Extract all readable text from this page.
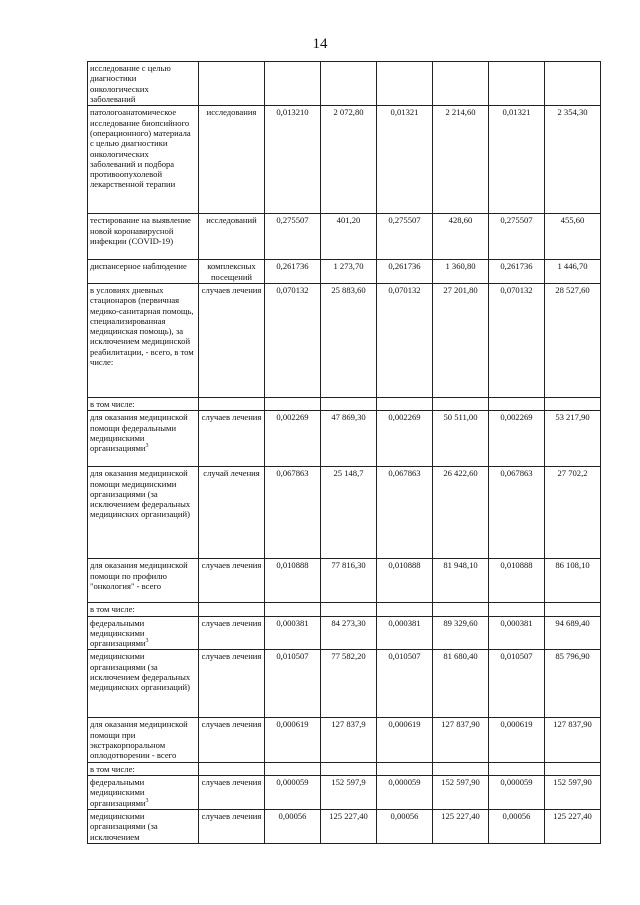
14
исследование с целью диагностики онкологических заболеваний							
патологоанатомическое исследование биопсийного (операционного) материала с целью диагностики онкологических заболеваний и подбора противоопухолевой лекарственной терапии	исследования	0,013210	2 072,80	0,01321	2 214,60	0,01321	2 354,30
тестирование на выявление новой коронавирусной инфекции (COVID-19)	исследований	0,275507	401,20	0,275507	428,60	0,275507	455,60
диспансерное наблюдение	комплексных посещений	0,261736	1 273,70	0,261736	1 360,80	0,261736	1 446,70
в условиях дневных стационаров (первичная медико-санитарная помощь, специализированная медицинская помощь), за исключением медицинской реабилитации, - всего, в том числе:	случаев лечения	0,070132	25 883,60	0,070132	27 201,80	0,070132	28 527,60
в том числе:							
для оказания медицинской помощи федеральными медицинскими организациями$^3$	случаев лечения	0,002269	47 869,30	0,002269	50 511,00	0,002269	53 217,90
для оказания медицинской помощи медицинскими организациями (за исключением федеральных медицинских организаций)	случай лечения	0,067863	25 148,7	0,067863	26 422,60	0,067863	27 702,2
для оказания медицинской помощи по профилю "онкология" - всего	случаев лечения	0,010888	77 816,30	0,010888	81 948,10	0,010888	86 108,10
в том числе:							
федеральными медицинскими организациями$^3$	случаев лечения	0,000381	84 273,30	0,000381	89 329,60	0,000381	94 689,40
медицинскими организациями (за исключением федеральных медицинских организаций)	случаев лечения	0,010507	77 582,20	0,010507	81 680,40	0,010507	85 796,90
для оказания медицинской помощи при экстракорпоральном оплодотворении - всего	случаев лечения	0,000619	127 837,9	0,000619	127 837,90	0,000619	127 837,90
в том числе:							
федеральными медицинскими организациями$^3$	случаев лечения	0,000059	152 597,9	0,000059	152 597,90	0,000059	152 597,90
медицинскими организациями (за исключением	случаев лечения	0,00056	125 227,40	0,00056	125 227,40	0,00056	125 227,40
